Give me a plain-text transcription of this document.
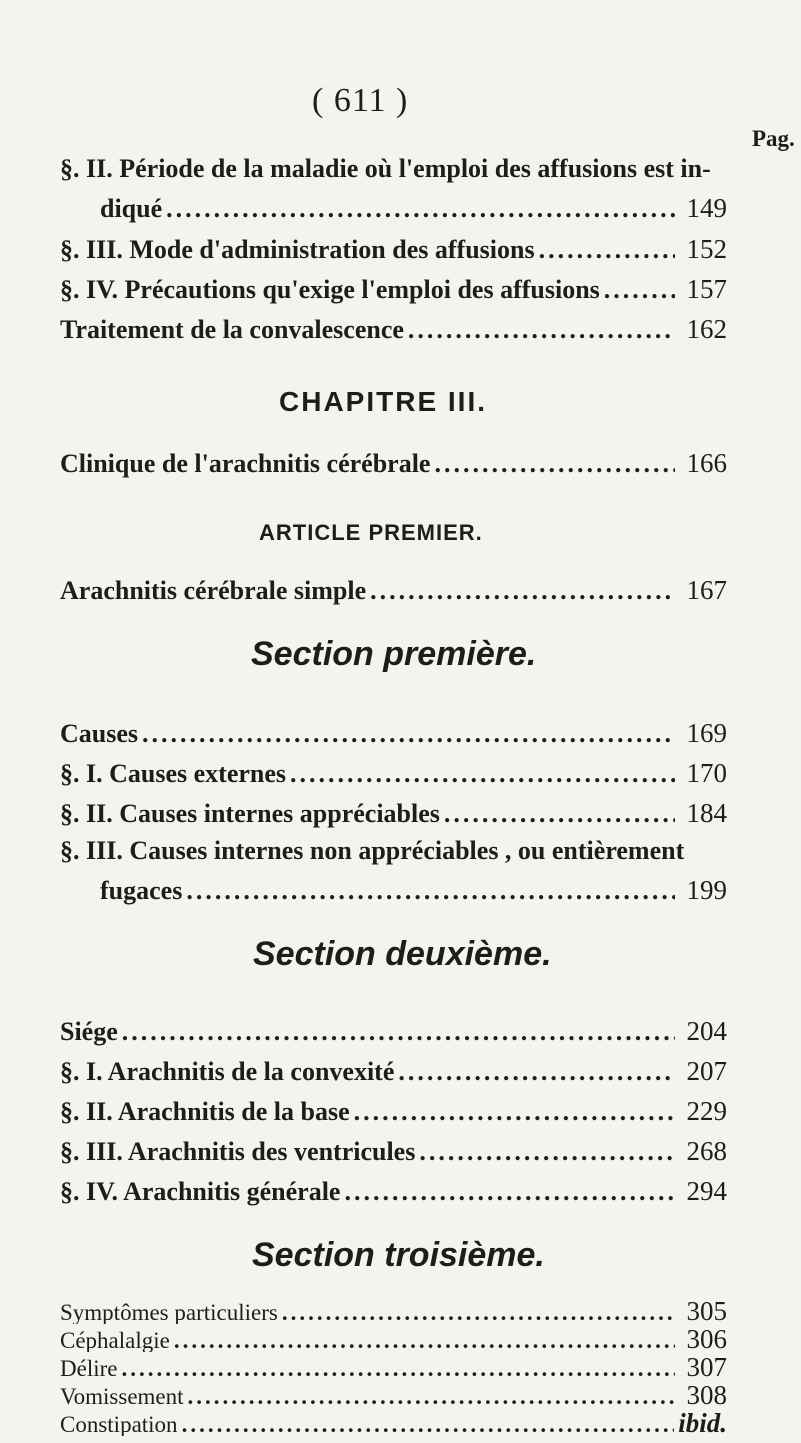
( 611 )
Pag.
§. II. Période de la maladie où l'emploi des affusions est in-
diqué .....	149
§. III. Mode d'administration des affusions .....	152
§. IV. Précautions qu'exige l'emploi des affusions .....	157
Traitement de la convalescence .....	162
CHAPITRE III.
Clinique de l'arachnitis cérébrale .....	166
ARTICLE PREMIER.
Arachnitis cérébrale simple .....	167
Section première.
Causes .....	169
§. I. Causes externes .....	170
§. II. Causes internes appréciables .....	184
§. III. Causes internes non appréciables , ou entièrement
fugaces .....	199
Section deuxième.
Siége .....	204
§. I. Arachnitis de la convexité .....	207
§. II. Arachnitis de la base .....	229
§. III. Arachnitis des ventricules .....	268
§. IV. Arachnitis générale .....	294
Section troisième.
Symptômes particuliers .....	305
Céphalalgie .....	306
Délire .....	307
Vomissement .....	308
Constipation .....	ibid.
